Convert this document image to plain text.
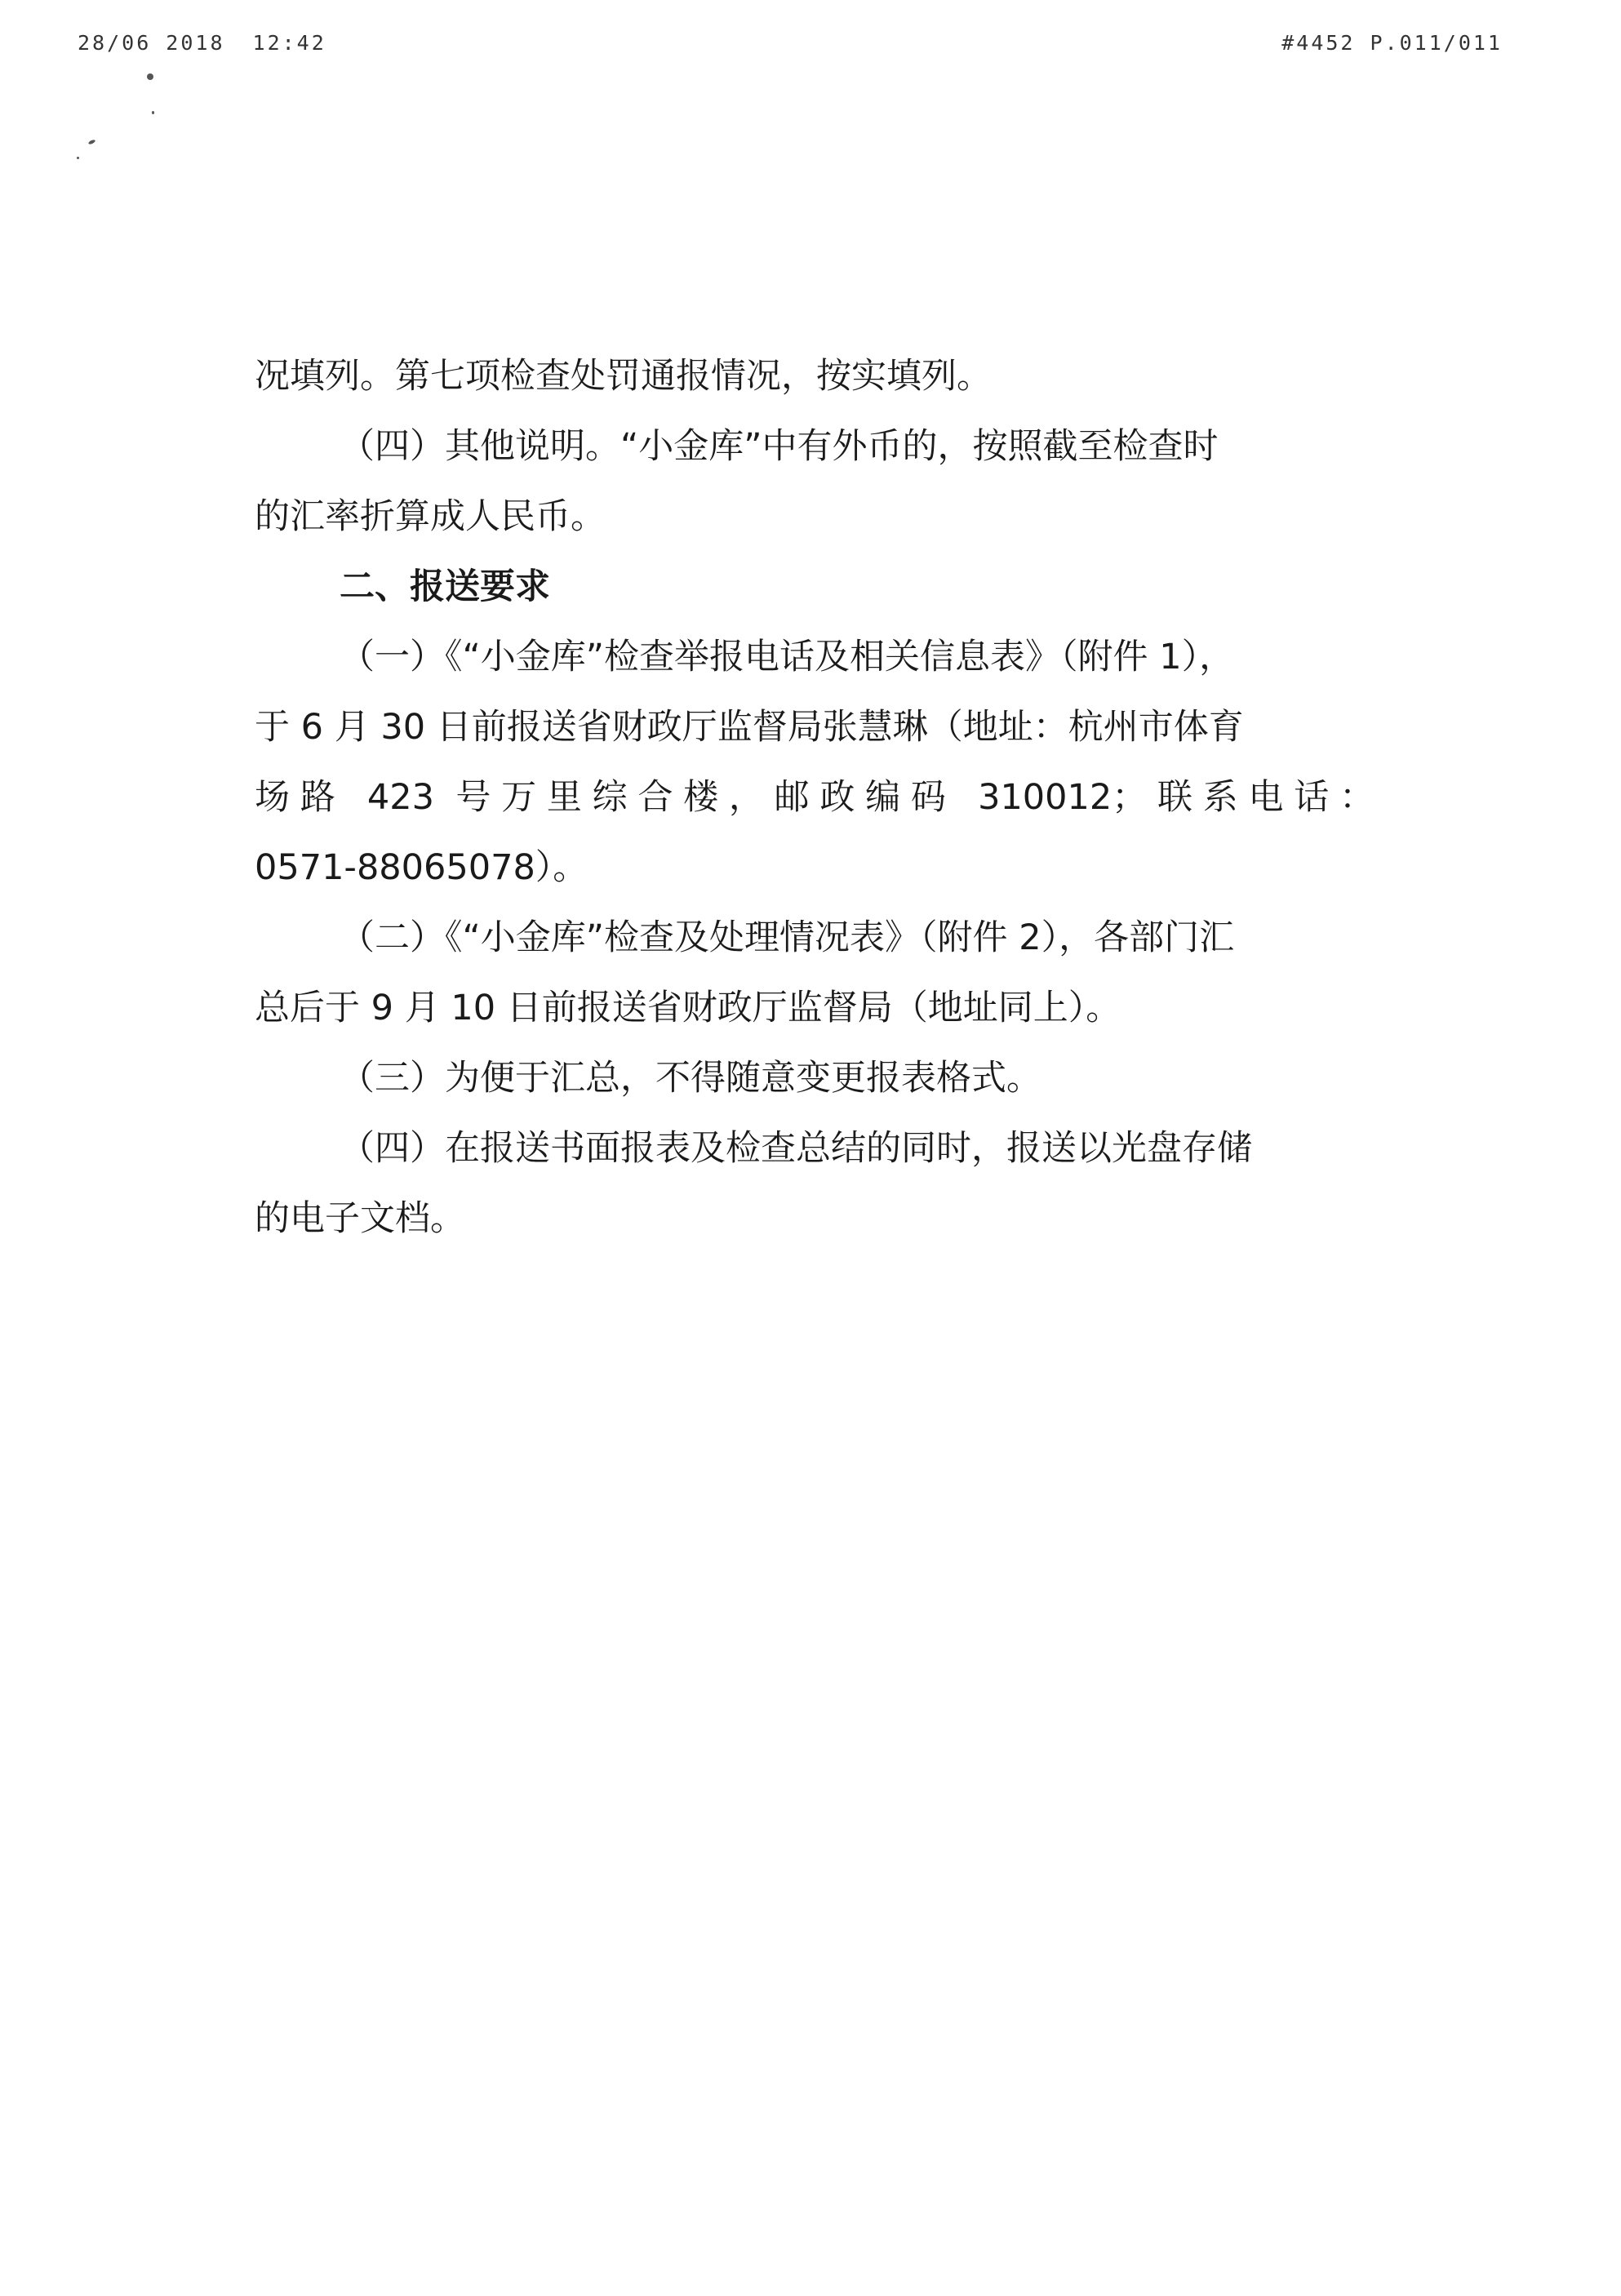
28/06 2018 12:42	#4452 P.011/011
况填列。第七项检查处罚通报情况，按实填列。
（四）其他说明。“小金库”中有外币的，按照截至检查时
的汇率折算成人民币。
二、报送要求
（一）《“小金库”检查举报电话及相关信息表》（附件 1），
于 6 月 30 日前报送省财政厅监督局张慧琳（地址：杭州市体育
场路 423 号万里综合楼，邮政编码 310012；联系电话：
0571-88065078）。
（二）《“小金库”检查及处理情况表》（附件 2），各部门汇
总后于 9 月 10 日前报送省财政厅监督局（地址同上）。
（三）为便于汇总，不得随意变更报表格式。
（四）在报送书面报表及检查总结的同时，报送以光盘存储
的电子文档。
